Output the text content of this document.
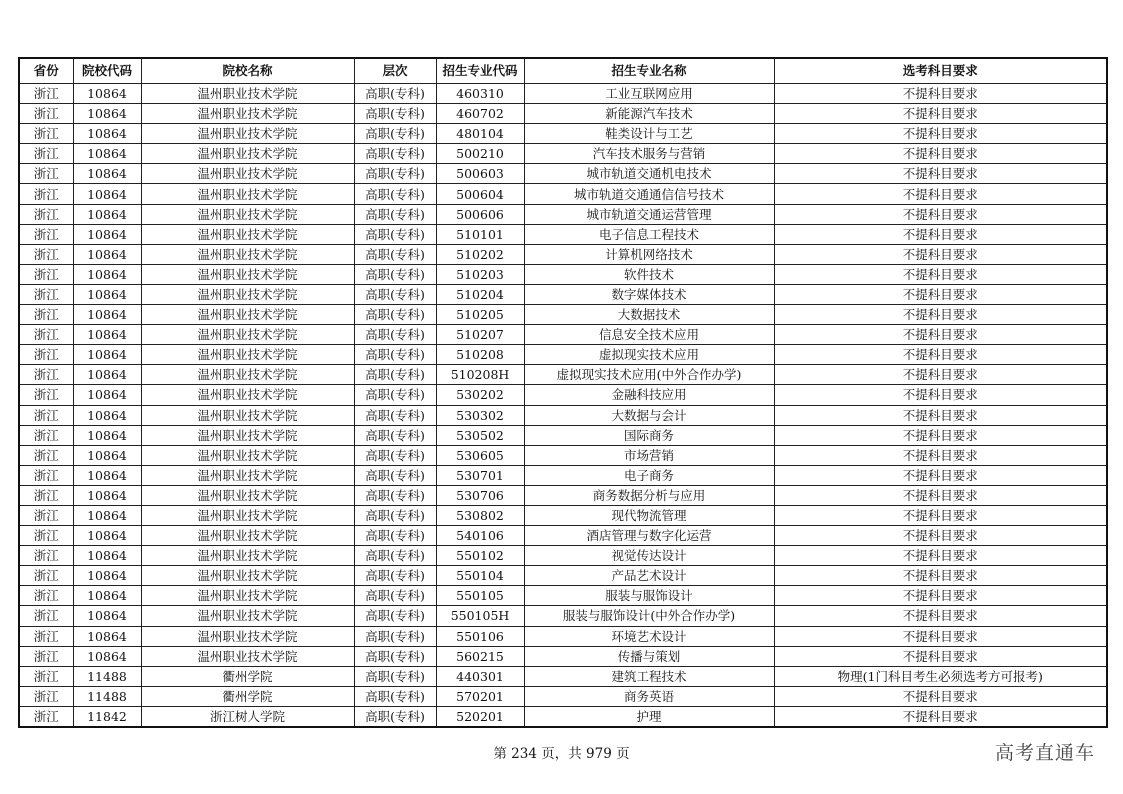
省份	院校代码	院校名称	层次	招生专业代码	招生专业名称	选考科目要求
浙江	10864	温州职业技术学院	高职(专科)	460310	工业互联网应用	不提科目要求
浙江	10864	温州职业技术学院	高职(专科)	460702	新能源汽车技术	不提科目要求
浙江	10864	温州职业技术学院	高职(专科)	480104	鞋类设计与工艺	不提科目要求
浙江	10864	温州职业技术学院	高职(专科)	500210	汽车技术服务与营销	不提科目要求
浙江	10864	温州职业技术学院	高职(专科)	500603	城市轨道交通机电技术	不提科目要求
浙江	10864	温州职业技术学院	高职(专科)	500604	城市轨道交通通信信号技术	不提科目要求
浙江	10864	温州职业技术学院	高职(专科)	500606	城市轨道交通运营管理	不提科目要求
浙江	10864	温州职业技术学院	高职(专科)	510101	电子信息工程技术	不提科目要求
浙江	10864	温州职业技术学院	高职(专科)	510202	计算机网络技术	不提科目要求
浙江	10864	温州职业技术学院	高职(专科)	510203	软件技术	不提科目要求
浙江	10864	温州职业技术学院	高职(专科)	510204	数字媒体技术	不提科目要求
浙江	10864	温州职业技术学院	高职(专科)	510205	大数据技术	不提科目要求
浙江	10864	温州职业技术学院	高职(专科)	510207	信息安全技术应用	不提科目要求
浙江	10864	温州职业技术学院	高职(专科)	510208	虚拟现实技术应用	不提科目要求
浙江	10864	温州职业技术学院	高职(专科)	510208H	虚拟现实技术应用(中外合作办学)	不提科目要求
浙江	10864	温州职业技术学院	高职(专科)	530202	金融科技应用	不提科目要求
浙江	10864	温州职业技术学院	高职(专科)	530302	大数据与会计	不提科目要求
浙江	10864	温州职业技术学院	高职(专科)	530502	国际商务	不提科目要求
浙江	10864	温州职业技术学院	高职(专科)	530605	市场营销	不提科目要求
浙江	10864	温州职业技术学院	高职(专科)	530701	电子商务	不提科目要求
浙江	10864	温州职业技术学院	高职(专科)	530706	商务数据分析与应用	不提科目要求
浙江	10864	温州职业技术学院	高职(专科)	530802	现代物流管理	不提科目要求
浙江	10864	温州职业技术学院	高职(专科)	540106	酒店管理与数字化运营	不提科目要求
浙江	10864	温州职业技术学院	高职(专科)	550102	视觉传达设计	不提科目要求
浙江	10864	温州职业技术学院	高职(专科)	550104	产品艺术设计	不提科目要求
浙江	10864	温州职业技术学院	高职(专科)	550105	服装与服饰设计	不提科目要求
浙江	10864	温州职业技术学院	高职(专科)	550105H	服装与服饰设计(中外合作办学)	不提科目要求
浙江	10864	温州职业技术学院	高职(专科)	550106	环境艺术设计	不提科目要求
浙江	10864	温州职业技术学院	高职(专科)	560215	传播与策划	不提科目要求
浙江	11488	衢州学院	高职(专科)	440301	建筑工程技术	物理(1门科目考生必须选考方可报考)
浙江	11488	衢州学院	高职(专科)	570201	商务英语	不提科目要求
浙江	11842	浙江树人学院	高职(专科)	520201	护理	不提科目要求
第 234 页，共 979 页	高考直通车
